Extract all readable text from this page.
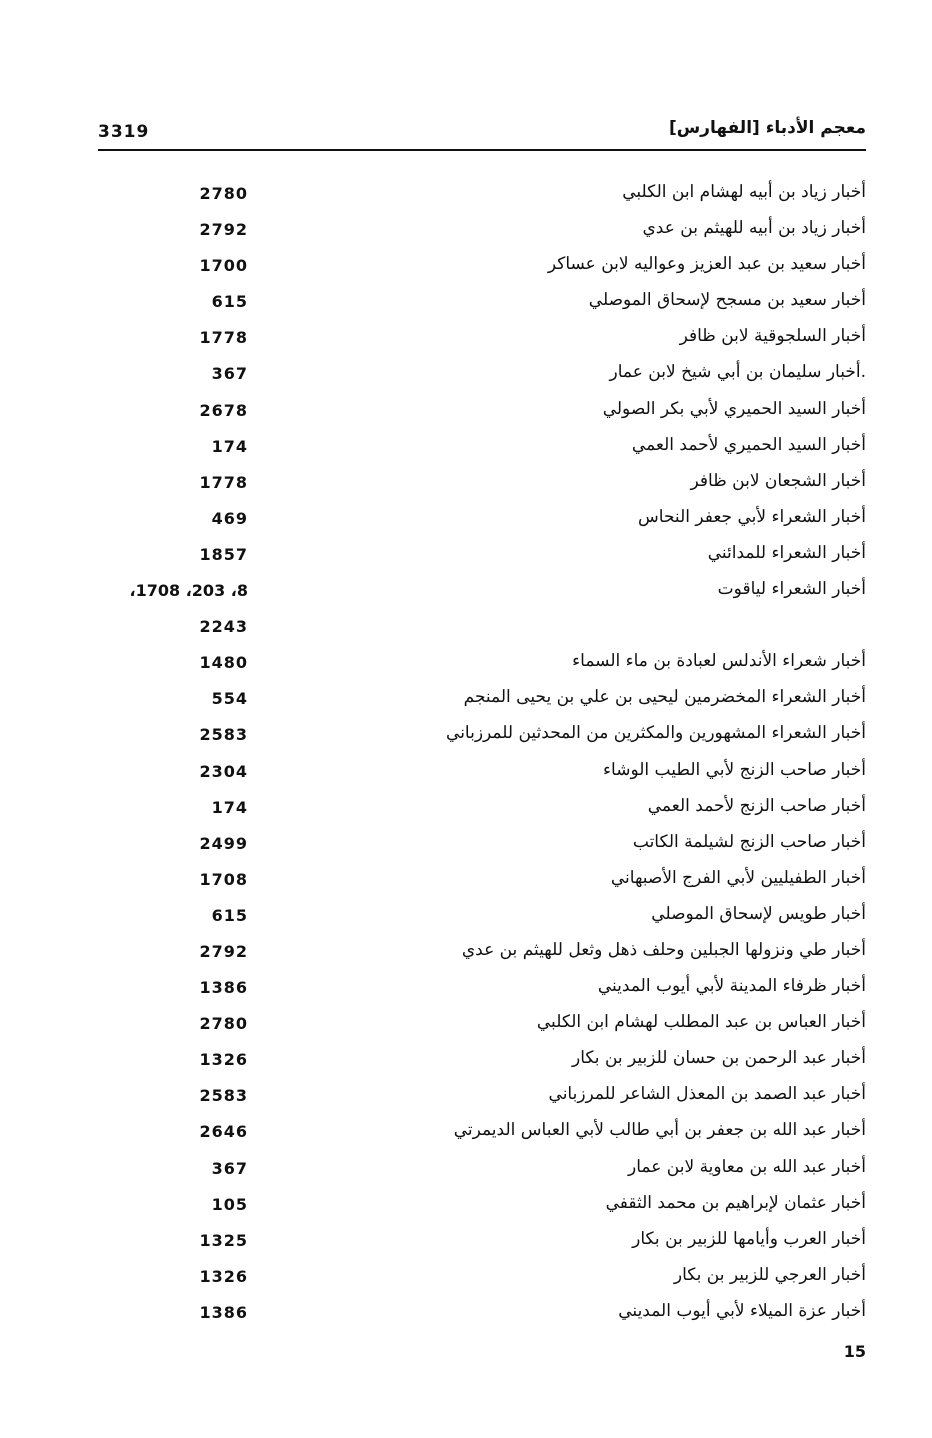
3319	معجم الأدباء [الفهارس]
أخبار زياد بن أبيه لهشام ابن الكلبي
2780
أخبار زياد بن أبيه للهيثم بن عدي
2792
أخبار سعيد بن عبد العزيز وعواليه لابن عساكر
1700
أخبار سعيد بن مسجح لإسحاق الموصلي
615
أخبار السلجوقية لابن ظافر
1778
.أخبار سليمان بن أبي شيخ لابن عمار
367
أخبار السيد الحميري لأبي بكر الصولي
2678
أخبار السيد الحميري لأحمد العمي
174
أخبار الشجعان لابن ظافر
1778
أخبار الشعراء لأبي جعفر النحاس
469
أخبار الشعراء للمدائني
1857
أخبار الشعراء لياقوت
8، 203، 1708،
2243
أخبار شعراء الأندلس لعبادة بن ماء السماء
1480
أخبار الشعراء المخضرمين ليحيى بن علي بن يحيى المنجم
554
أخبار الشعراء المشهورين والمكثرين من المحدثين للمرزباني
2583
أخبار صاحب الزنج لأبي الطيب الوشاء
2304
أخبار صاحب الزنج لأحمد العمي
174
أخبار صاحب الزنج لشيلمة الكاتب
2499
أخبار الطفيليين لأبي الفرج الأصبهاني
1708
أخبار طويس لإسحاق الموصلي
615
أخبار طي ونزولها الجبلين وحلف ذهل وثعل للهيثم بن عدي
2792
أخبار ظرفاء المدينة لأبي أيوب المديني
1386
أخبار العباس بن عبد المطلب لهشام ابن الكلبي
2780
أخبار عبد الرحمن بن حسان للزبير بن بكار
1326
أخبار عبد الصمد بن المعذل الشاعر للمرزباني
2583
أخبار عبد الله بن جعفر بن أبي طالب لأبي العباس الديمرتي
2646
أخبار عبد الله بن معاوية لابن عمار
367
أخبار عثمان لإبراهيم بن محمد الثقفي
105
أخبار العرب وأيامها للزبير بن بكار
1325
أخبار العرجي للزبير بن بكار
1326
أخبار عزة الميلاء لأبي أيوب المديني
1386
15
